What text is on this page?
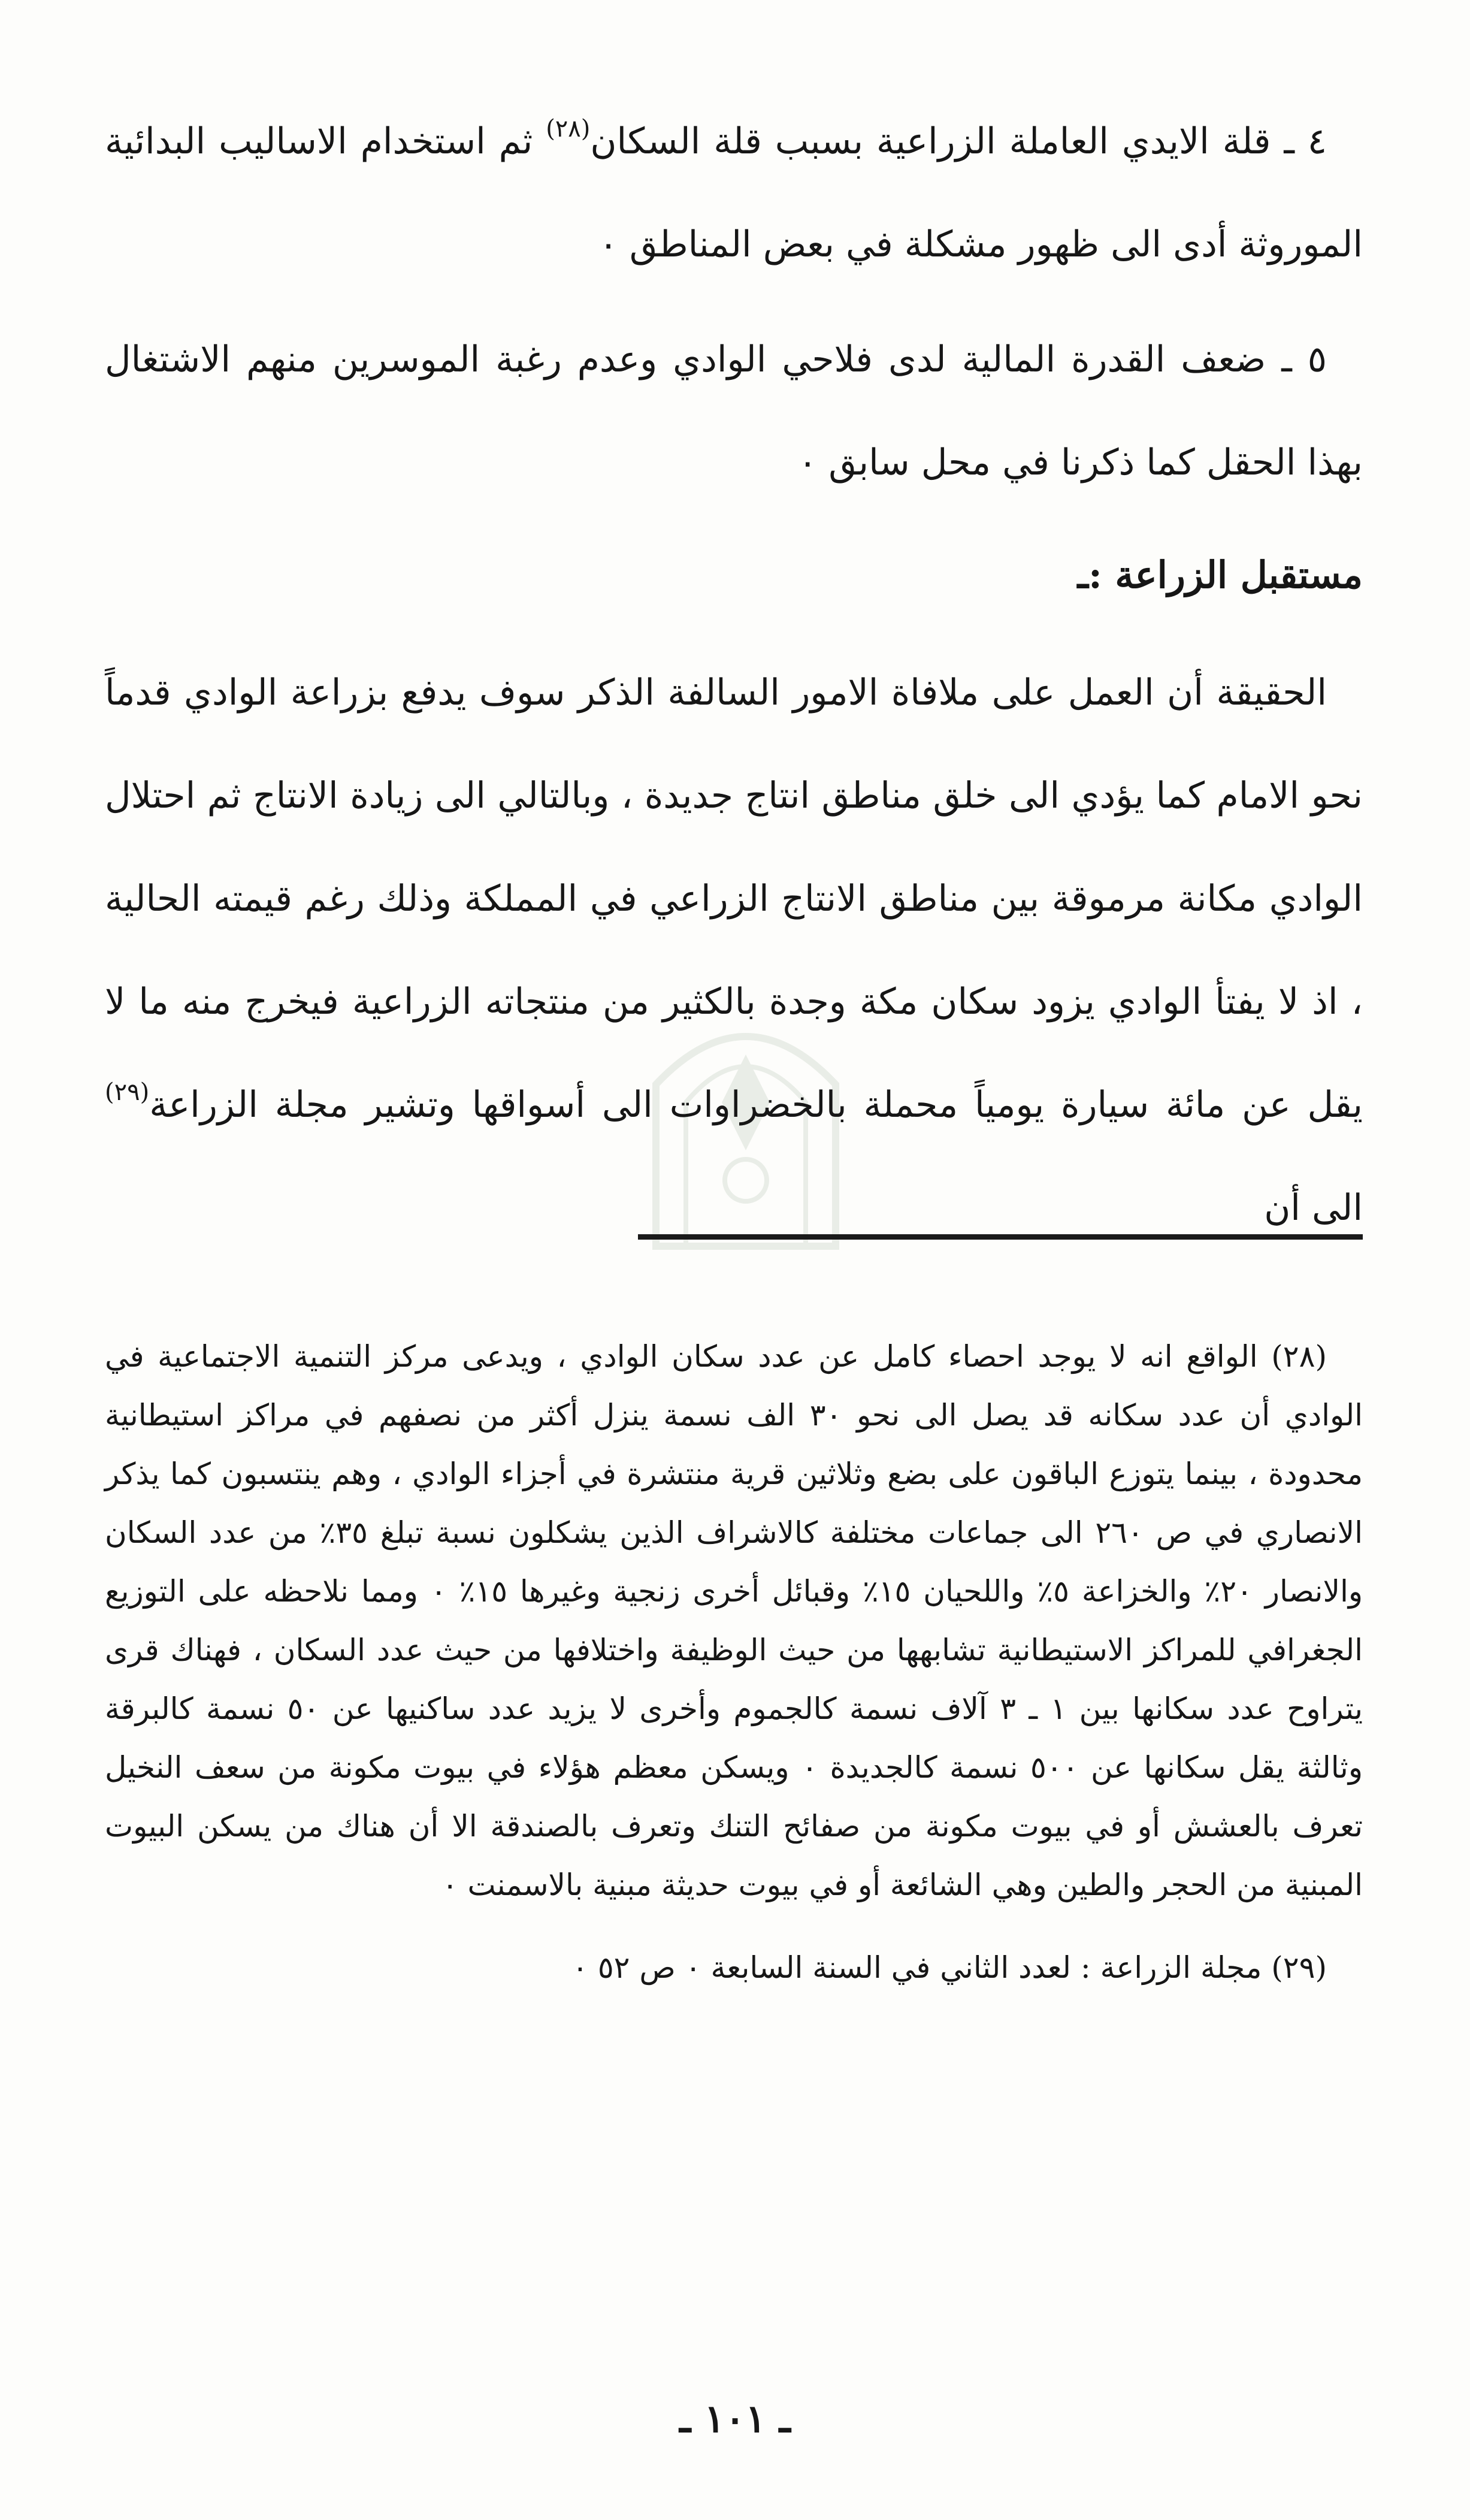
٤ ـ قلة الايدي العاملة الزراعية بسبب قلة السكان$^{(٢٨)}$ ثم استخدام الاساليب البدائية الموروثة أدى الى ظهور مشكلة في بعض المناطق ٠

٥ ـ ضعف القدرة المالية لدى فلاحي الوادي وعدم رغبة الموسرين منهم الاشتغال بهذا الحقل كما ذكرنا في محل سابق ٠

مستقبل الزراعة :ـ

الحقيقة أن العمل على ملافاة الامور السالفة الذكر سوف يدفع بزراعة الوادي قدماً نحو الامام كما يؤدي الى خلق مناطق انتاج جديدة ، وبالتالي الى زيادة الانتاج ثم احتلال الوادي مكانة مرموقة بين مناطق الانتاج الزراعي في المملكة وذلك رغم قيمته الحالية ، اذ لا يفتأ الوادي يزود سكان مكة وجدة بالكثير من منتجاته الزراعية فيخرج منه ما لا يقل عن مائة سيارة يومياً محملة بالخضراوات الى أسواقها وتشير مجلة الزراعة$^{(٢٩)}$ الى أن

(٢٨) الواقع انه لا يوجد احصاء كامل عن عدد سكان الوادي ، ويدعى مركز التنمية الاجتماعية في الوادي أن عدد سكانه قد يصل الى نحو ٣٠ الف نسمة ينزل أكثر من نصفهم في مراكز استيطانية محدودة ، بينما يتوزع الباقون على بضع وثلاثين قرية منتشرة في أجزاء الوادي ، وهم ينتسبون كما يذكر الانصاري في ص ٢٦٠ الى جماعات مختلفة كالاشراف الذين يشكلون نسبة تبلغ ٣٥٪ من عدد السكان والانصار ٢٠٪ والخزاعة ٥٪ واللحيان ١٥٪ وقبائل أخرى زنجية وغيرها ١٥٪ ٠ ومما نلاحظه على التوزيع الجغرافي للمراكز الاستيطانية تشابهها من حيث الوظيفة واختلافها من حيث عدد السكان ، فهناك قرى يتراوح عدد سكانها بين ١ ـ ٣ آلاف نسمة كالجموم وأخرى لا يزيد عدد ساكنيها عن ٥٠ نسمة كالبرقة وثالثة يقل سكانها عن ٥٠٠ نسمة كالجديدة ٠ ويسكن معظم هؤلاء في بيوت مكونة من سعف النخيل تعرف بالعشش أو في بيوت مكونة من صفائح التنك وتعرف بالصندقة الا أن هناك من يسكن البيوت المبنية من الحجر والطين وهي الشائعة أو في بيوت حديثة مبنية بالاسمنت ٠

(٢٩) مجلة الزراعة : لعدد الثاني في السنة السابعة ٠ ص ٥٢ ٠

ـ ١٠١ ـ
